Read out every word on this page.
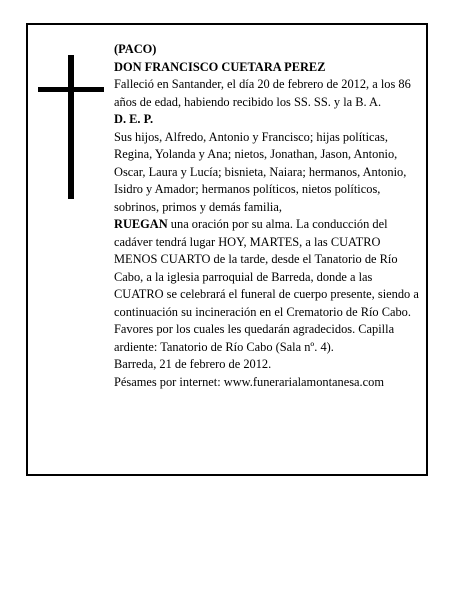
(PACO)

DON FRANCISCO CUETARA PEREZ

Falleció en Santander, el día 20 de febrero de 2012, a los 86 años de edad, habiendo recibido los SS. SS. y la B. A.

D. E. P.

Sus hijos, Alfredo, Antonio y Francisco; hijas políticas, Regina, Yolanda y Ana; nietos, Jonathan, Jason, Antonio, Oscar, Laura y Lucía; bisnieta, Naiara; hermanos, Antonio, Isidro y Amador; hermanos políticos, nietos políticos, sobrinos, primos y demás familia,

RUEGAN una oración por su alma. La conducción del cadáver tendrá lugar HOY, MARTES, a las CUATRO MENOS CUARTO de la tarde, desde el Tanatorio de Río Cabo, a la iglesia parroquial de Barreda, donde a las CUATRO se celebrará el funeral de cuerpo presente, siendo a continuación su incineración en el Crematorio de Río Cabo. Favores por los cuales les quedarán agradecidos. Capilla ardiente: Tanatorio de Río Cabo (Sala nº. 4).

Barreda, 21 de febrero de 2012.

Pésames por internet: www.funerarialamontanesa.com
